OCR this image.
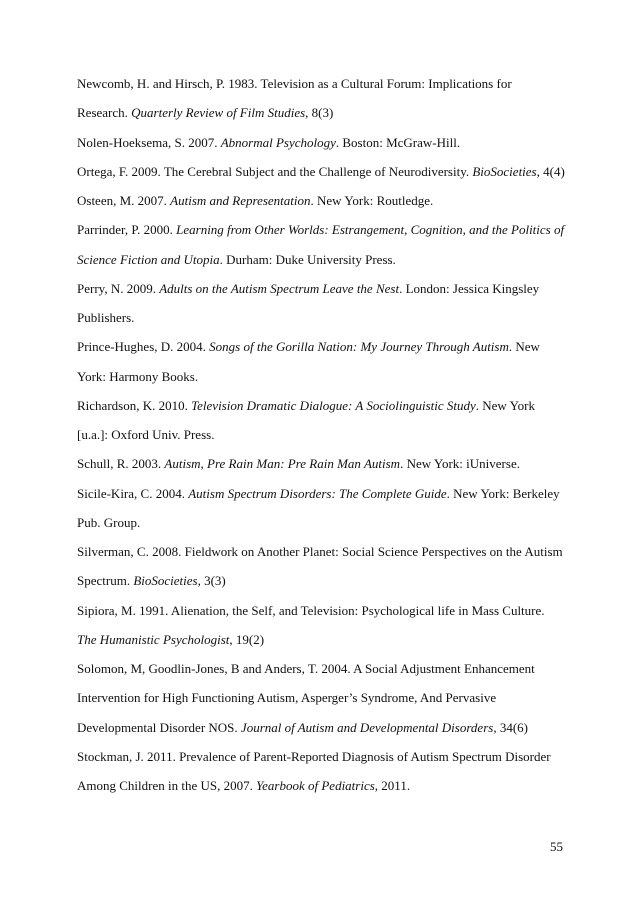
Newcomb, H. and Hirsch, P. 1983. Television as a Cultural Forum: Implications for
Research. Quarterly Review of Film Studies, 8(3)
Nolen-Hoeksema, S. 2007. Abnormal Psychology. Boston: McGraw-Hill.
Ortega, F. 2009. The Cerebral Subject and the Challenge of Neurodiversity. BioSocieties, 4(4)
Osteen, M. 2007. Autism and Representation. New York: Routledge.
Parrinder, P. 2000. Learning from Other Worlds: Estrangement, Cognition, and the Politics of
Science Fiction and Utopia. Durham: Duke University Press.
Perry, N. 2009. Adults on the Autism Spectrum Leave the Nest. London: Jessica Kingsley
Publishers.
Prince-Hughes, D. 2004. Songs of the Gorilla Nation: My Journey Through Autism. New
York: Harmony Books.
Richardson, K. 2010. Television Dramatic Dialogue: A Sociolinguistic Study. New York
[u.a.]: Oxford Univ. Press.
Schull, R. 2003. Autism, Pre Rain Man: Pre Rain Man Autism. New York: iUniverse.
Sicile-Kira, C. 2004. Autism Spectrum Disorders: The Complete Guide. New York: Berkeley
Pub. Group.
Silverman, C. 2008. Fieldwork on Another Planet: Social Science Perspectives on the Autism
Spectrum. BioSocieties, 3(3)
Sipiora, M. 1991. Alienation, the Self, and Television: Psychological life in Mass Culture.
The Humanistic Psychologist, 19(2)
Solomon, M, Goodlin-Jones, B and Anders, T. 2004. A Social Adjustment Enhancement
Intervention for High Functioning Autism, Asperger’s Syndrome, And Pervasive
Developmental Disorder NOS. Journal of Autism and Developmental Disorders, 34(6)
Stockman, J. 2011. Prevalence of Parent-Reported Diagnosis of Autism Spectrum Disorder
Among Children in the US, 2007. Yearbook of Pediatrics, 2011.
55
